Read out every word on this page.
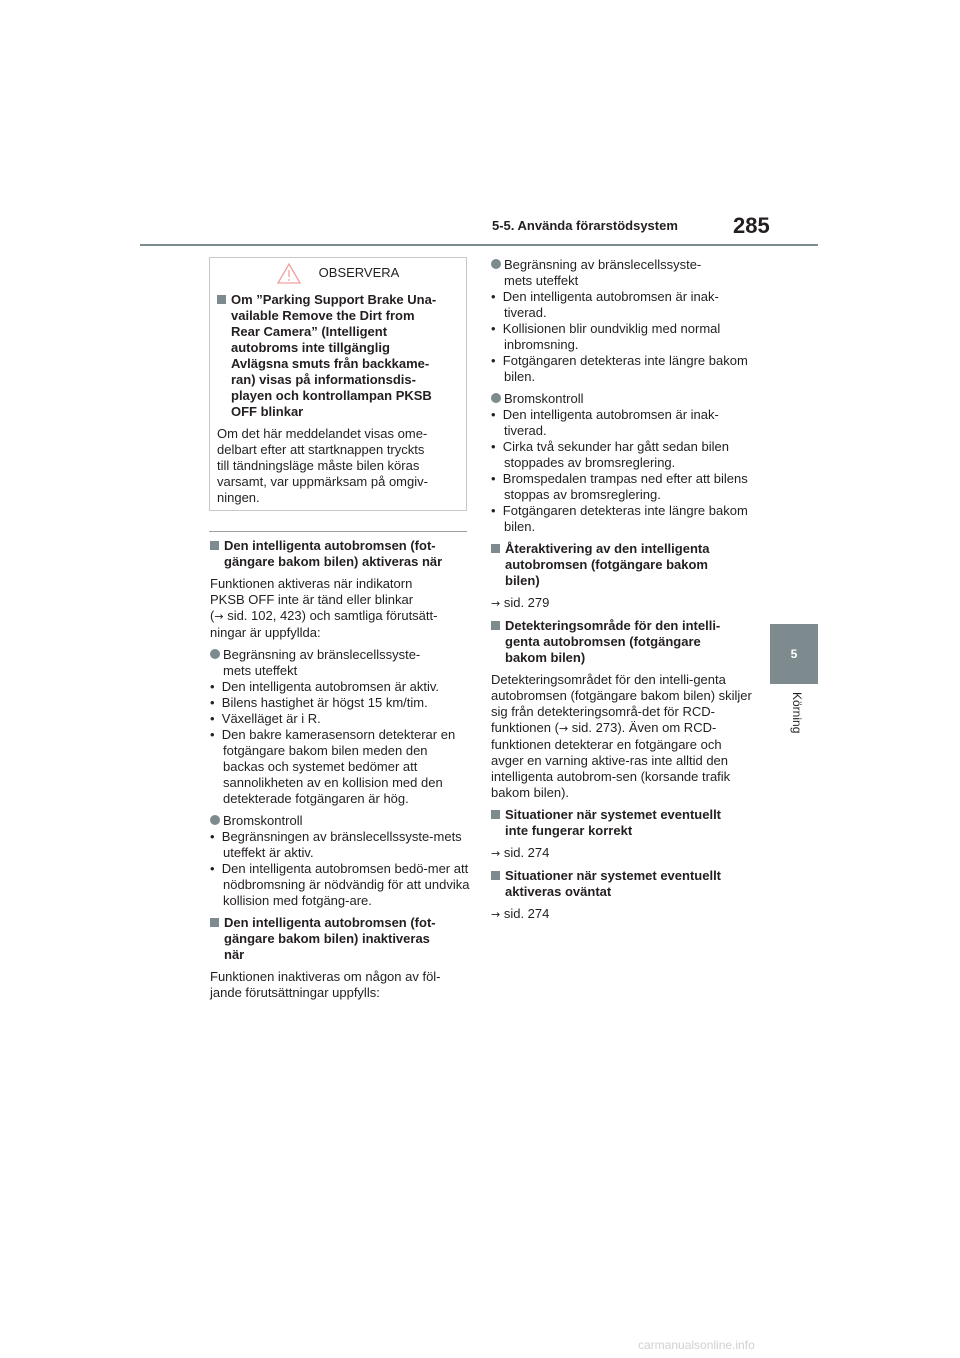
5-5. Använda förarstödsystem	285
5
Körning
OBSERVERA

Om ”Parking Support Brake Una-
vailable Remove the Dirt from
Rear Camera” (Intelligent
autobroms inte tillgänglig
Avlägsna smuts från backkame-
ran) visas på informationsdis-
playen och kontrollampan PKSB
OFF blinkar

Om det här meddelandet visas ome-
delbart efter att startknappen tryckts
till tändningsläge måste bilen köras
varsamt, var uppmärksam på omgiv-
ningen.

Den intelligenta autobromsen (fot-
gängare bakom bilen) aktiveras när

Funktionen aktiveras när indikatorn
PKSB OFF inte är tänd eller blinkar
(→ sid. 102, 423) och samtliga förutsätt-
ningar är uppfyllda:

Begränsning av bränslecellssyste-
mets uteffekt

•  Den intelligenta autobromsen är aktiv.

•  Bilens hastighet är högst 15 km/tim.

•  Växelläget är i R.

•  Den bakre kamerasensorn detekterar en fotgängare bakom bilen meden den backas och systemet bedömer att sannolikheten av en kollision med den detekterade fotgängaren är hög.

Bromskontroll

•  Begränsningen av bränslecellssyste-mets uteffekt är aktiv.

•  Den intelligenta autobromsen bedö-mer att nödbromsning är nödvändig för att undvika kollision med fotgäng-are.

Den intelligenta autobromsen (fot-
gängare bakom bilen) inaktiveras
när

Funktionen inaktiveras om någon av föl-
jande förutsättningar uppfylls:

Begränsning av bränslecellssyste-
mets uteffekt

•  Den intelligenta autobromsen är inak-tiverad.

•  Kollisionen blir oundviklig med normal inbromsning.

•  Fotgängaren detekteras inte längre bakom bilen.

Bromskontroll

•  Den intelligenta autobromsen är inak-tiverad.

•  Cirka två sekunder har gått sedan bilen stoppades av bromsreglering.

•  Bromspedalen trampas ned efter att bilens stoppas av bromsreglering.

•  Fotgängaren detekteras inte längre bakom bilen.

Återaktivering av den intelligenta
autobromsen (fotgängare bakom
bilen)

→ sid. 279

Detekteringsområde för den intelli-
genta autobromsen (fotgängare
bakom bilen)

Detekteringsområdet för den intelli-genta autobromsen (fotgängare bakom bilen) skiljer sig från detekteringsområ-det för RCD-funktionen (→ sid. 273). Även om RCD-funktionen detekterar en fotgängare och avger en varning aktive-ras inte alltid den intelligenta autobrom-sen (korsande trafik bakom bilen).

Situationer när systemet eventuellt
inte fungerar korrekt

→ sid. 274

Situationer när systemet eventuellt
aktiveras oväntat

→ sid. 274

carmanualsonline.info
